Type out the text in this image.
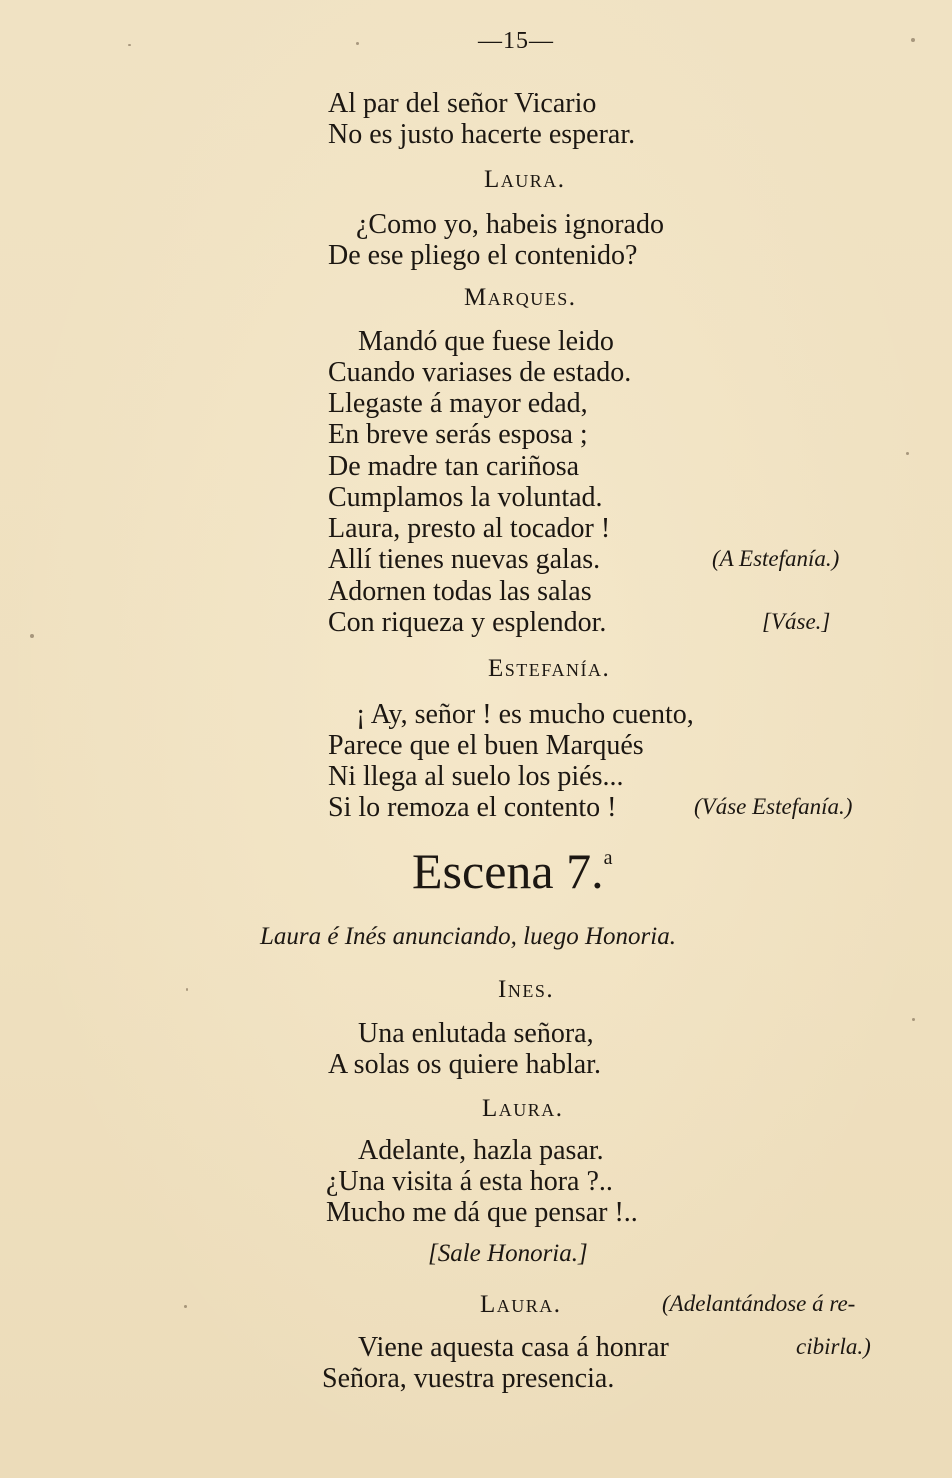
—15—
Al par del señor Vicario
No es justo hacerte esperar.
Laura.
¿Como yo, habeis ignorado
De ese pliego el contenido?
Marques.
Mandó que fuese leido
Cuando variases de estado.
Llegaste á mayor edad,
En breve serás esposa ;
De madre tan cariñosa
Cumplamos la voluntad.
Laura, presto al tocador !
Allí tienes nuevas galas.	(A Estefanía.)
Adornen todas las salas
Con riqueza y esplendor.	[Váse.]
Estefanía.
¡ Ay, señor ! es mucho cuento,
Parece que el buen Marqués
Ni llega al suelo los piés...
Si lo remoza el contento !	(Váse Estefanía.)
Escena 7.$^a$
Laura é Inés anunciando, luego Honoria.
Ines.
Una enlutada señora,
A solas os quiere hablar.
Laura.
Adelante, hazla pasar.
¿Una visita á esta hora ?..
Mucho me dá que pensar !..
[Sale Honoria.]
Laura.	(Adelantándose á re-
Viene aquesta casa á honrar	cibirla.)
Señora, vuestra presencia.
